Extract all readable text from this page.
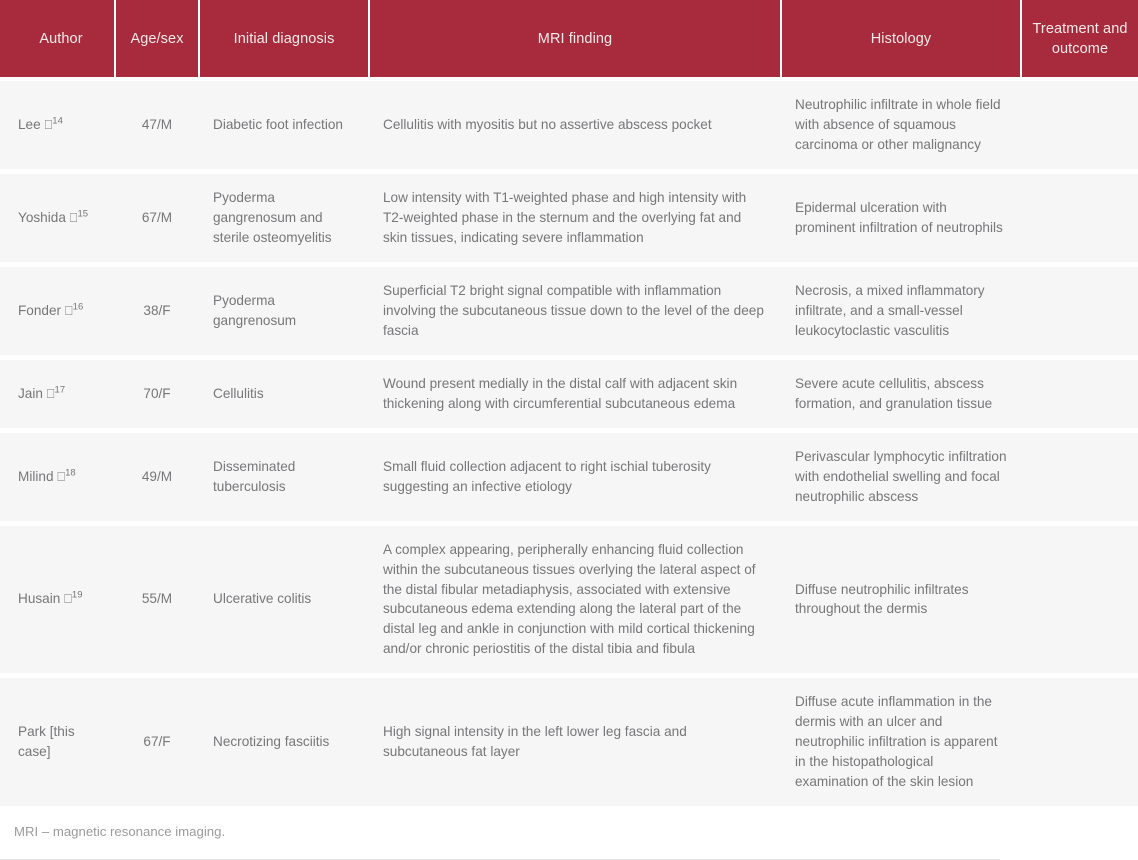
Author	Age/sex	Initial diagnosis	MRI finding	Histology	Treatment and outcome
Lee ⎕$^{14}$	47/M	Diabetic foot infection	Cellulitis with myositis but no assertive abscess pocket	Neutrophilic infiltrate in whole field with absence of squamous carcinoma or other malignancy	
Yoshida ⎕$^{15}$	67/M	Pyoderma gangrenosum and sterile osteomyelitis	Low intensity with T1-weighted phase and high intensity with T2-weighted phase in the sternum and the overlying fat and skin tissues, indicating severe inflammation	Epidermal ulceration with prominent infiltration of neutrophils	
Fonder ⎕$^{16}$	38/F	Pyoderma gangrenosum	Superficial T2 bright signal compatible with inflammation involving the subcutaneous tissue down to the level of the deep fascia	Necrosis, a mixed inflammatory infiltrate, and a small-vessel leukocytoclastic vasculitis	
Jain ⎕$^{17}$	70/F	Cellulitis	Wound present medially in the distal calf with adjacent skin thickening along with circumferential subcutaneous edema	Severe acute cellulitis, abscess formation, and granulation tissue	
Milind ⎕$^{18}$	49/M	Disseminated tuberculosis	Small fluid collection adjacent to right ischial tuberosity suggesting an infective etiology	Perivascular lymphocytic infiltration with endothelial swelling and focal neutrophilic abscess	
Husain ⎕$^{19}$	55/M	Ulcerative colitis	A complex appearing, peripherally enhancing fluid collection within the subcutaneous tissues overlying the lateral aspect of the distal fibular metadiaphysis, associated with extensive subcutaneous edema extending along the lateral part of the distal leg and ankle in conjunction with mild cortical thickening and/or chronic periostitis of the distal tibia and fibula	Diffuse neutrophilic infiltrates throughout the dermis	
Park [this case]	67/F	Necrotizing fasciitis	High signal intensity in the left lower leg fascia and subcutaneous fat layer	Diffuse acute inflammation in the dermis with an ulcer and neutrophilic infiltration is apparent in the histopathological examination of the skin lesion	
MRI – magnetic resonance imaging.
